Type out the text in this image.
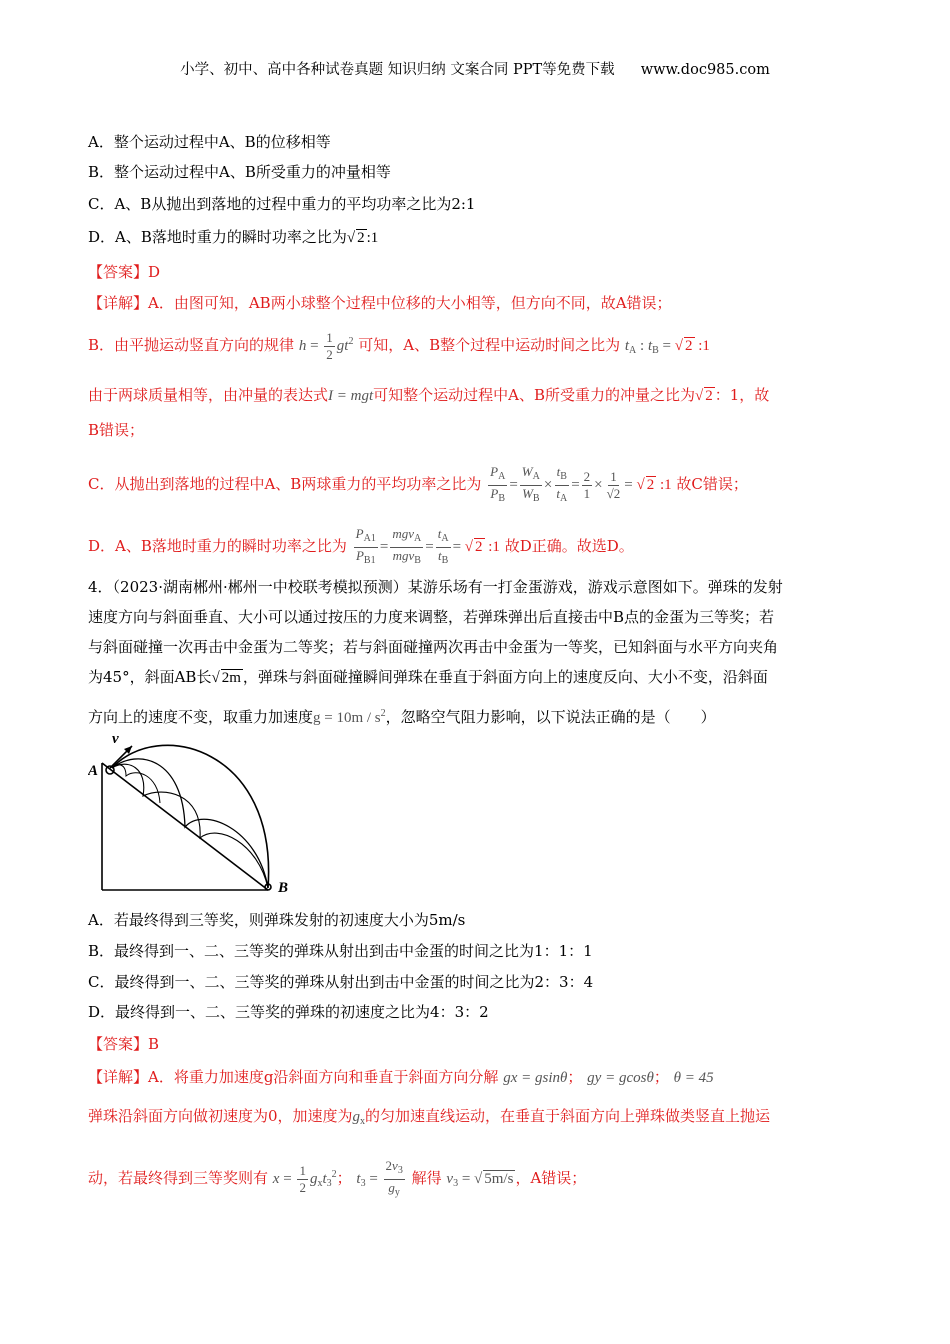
小学、初中、高中各种试卷真题 知识归纳 文案合同 PPT等免费下载 www.doc985.com
A．整个运动过程中A、B的位移相等
B．整个运动过程中A、B所受重力的冲量相等
C．A、B从抛出到落地的过程中重力的平均功率之比为2:1
D．A、B落地时重力的瞬时功率之比为√ 2 :1
【答案】D
【详解】A．由图可知，AB两小球整个过程中位移的大小相等，但方向不同，故A错误；
B．由平抛运动竖直方向的规律 $h = \frac{1}{2} gt^2$ 可知，A、B整个过程中运动时间之比为 $t_A$ : $t_B$ = √ 2 :1
由于两球质量相等，由冲量的表达式I = mgt可知整个运动过程中A、B所受重力的冲量之比为√ 2 ：1，故
B错误；
C．从抛出到落地的过程中A、B两球重力的平均功率之比为 $\frac{P_A}{P_B} = \frac{W_A}{W_B} \times \frac{t_B}{t_A} = \frac{2}{1} \times \frac{1}{√2}$ = √ 2 :1 故C错误；
D．A、B落地时重力的瞬时功率之比为 $\frac{P_{A1}}{P_{B1}} = \frac{mgv_A}{mgv_B} = \frac{t_A}{t_B}$ = √ 2 :1 故D正确。故选D。
4．（2023·湖南郴州·郴州一中校联考模拟预测）某游乐场有一打金蛋游戏，游戏示意图如下。弹珠的发射
速度方向与斜面垂直、大小可以通过按压的力度来调整，若弹珠弹出后直接击中B点的金蛋为三等奖；若
与斜面碰撞一次再击中金蛋为二等奖；若与斜面碰撞两次再击中金蛋为一等奖，已知斜面与水平方向夹角
为45°，斜面AB长√ 2m ，弹珠与斜面碰撞瞬间弹珠在垂直于斜面方向上的速度反向、大小不变，沿斜面
方向上的速度不变，取重力加速度$g = 10m / s^2$，忽略空气阻力影响，以下说法正确的是（　　）
v
A
B
A．若最终得到三等奖，则弹珠发射的初速度大小为5m/s
B．最终得到一、二、三等奖的弹珠从射出到击中金蛋的时间之比为1：1：1
C．最终得到一、二、三等奖的弹珠从射出到击中金蛋的时间之比为2：3：4
D．最终得到一、二、三等奖的弹珠的初速度之比为4：3：2
【答案】B
【详解】A．将重力加速度g沿斜面方向和垂直于斜面方向分解 gx = gsinθ； gy = gcosθ； θ = 45
弹珠沿斜面方向做初速度为0，加速度为$g_x$的匀加速直线运动，在垂直于斜面方向上弹珠做类竖直上抛运
动，若最终得到三等奖则有 $x = \frac{1}{2} g_xt_3^2$； $t_3 = \frac{2v_3}{g_y}$ 解得 $v_3$ = √ 5m/s ，A错误；
